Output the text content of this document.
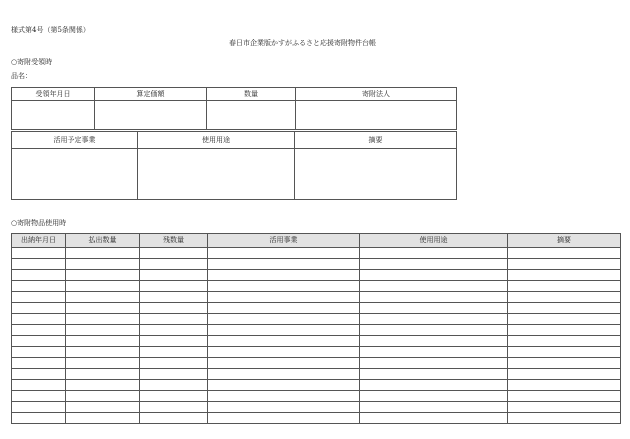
様式第4号（第5条関係）
春日市企業版かすがふるさと応援寄附物件台帳
○寄附受領時
品名：
受領年月日	算定価額	数量	寄附法人

活用予定事業	使用用途	摘要

○寄附物品使用時
出納年月日	払出数量	残数量	活用事業	使用用途	摘要
